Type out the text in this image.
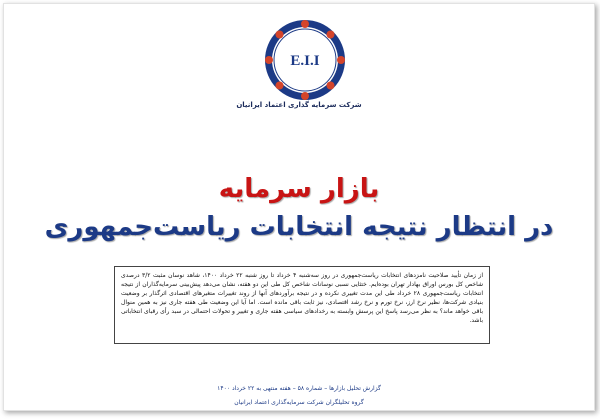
E.I.I
شرکت سرمایه گذاری اعتماد ایرانیان
بازار سرمایه
در انتظار نتیجه انتخابات ریاست‌جمهوری
از زمان تأیید صلاحیت نامزدهای انتخابات ریاست‌جمهوری در روز سه‌شنبه ۴ خرداد تا روز شنبه ۲۲ خرداد ۱۴۰۰، شاهد نوسان مثبت ۳/۲ درصدی شاخص کل بورس اوراق بهادار تهران بوده‌ایم. ختثایی نسبی نوسانات شاخص کل طی این دو هفته، نشان می‌دهد پیش‌بینی سرمایه‌گذاران از نتیجه انتخابات ریاست‌جمهوری ۲۸ خرداد طی این مدت تغییری نکرده و در نتیجه برآوردهای آنها از روند تغییرات متغیرهای اقتصادی اثرگذار بر وضعیت بنیادی شرکت‌ها، نظیر نرخ ارز، نرخ تورم و نرخ رشد اقتصادی، نیز ثابت باقی مانده است. اما آیا این وضعیت طی هفته جاری نیز به همین منوال باقی خواهد ماند؟ به نظر می‌رسد پاسخ این پرسش وابسته به رخدادهای سیاسی هفته جاری و تغییر و تحولات احتمالی در سبد رأی رقبای انتخاباتی باشد.
گزارش تحلیل بازارها – شماره ۵۸ – هفته منتهی به ۲۲ خرداد ۱۴۰۰
گروه تحلیلگران شرکت سرمایه‌گذاری اعتماد ایرانیان
